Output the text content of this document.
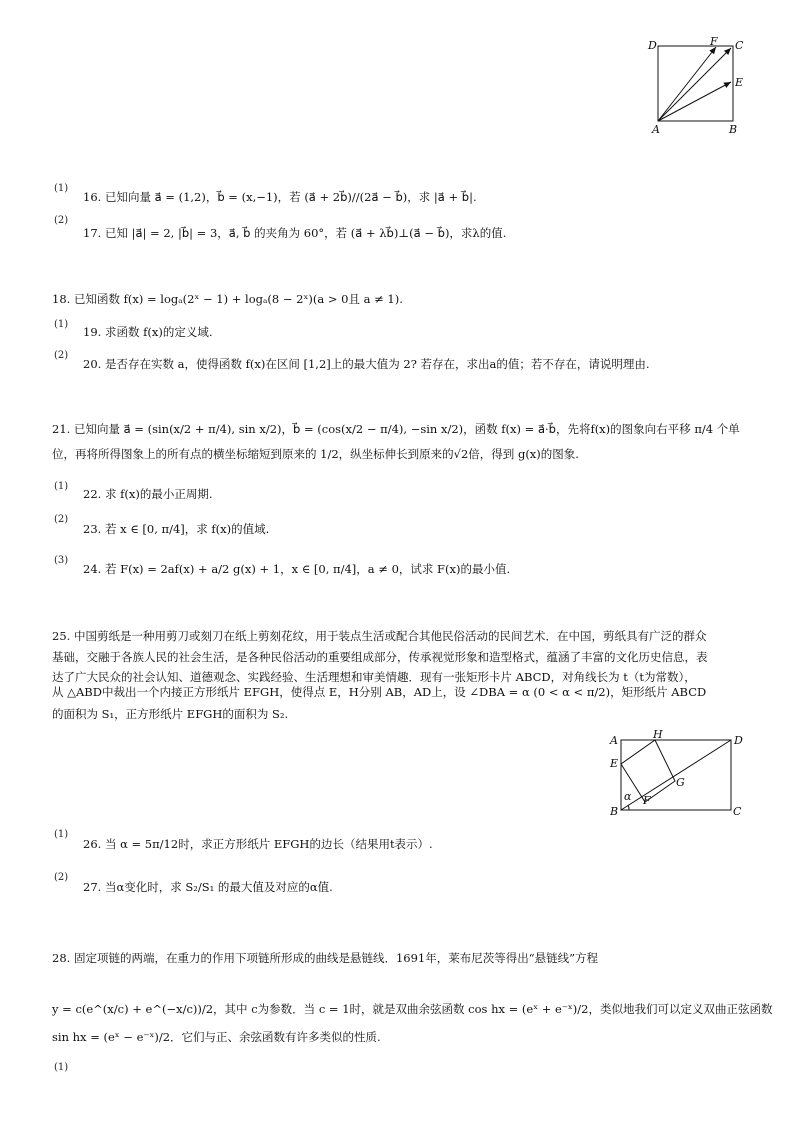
D	F C
E
A	B
A	H	D
E
G
α F
B	C
(1)
16. 已知向量 a⃗ = (1,2)，b⃗ = (x,−1)，若 (a⃗ + 2b⃗)//(2a⃗ − b⃗)，求 |a⃗ + b⃗|.
(2)
17. 已知 |a⃗| = 2, |b⃗| = 3，a⃗, b⃗ 的夹角为 60°，若 (a⃗ + λb⃗)⊥(a⃗ − b⃗)，求λ的值.
18. 已知函数 f(x) = logₐ(2ˣ − 1) + logₐ(8 − 2ˣ)(a > 0且 a ≠ 1).
(1)
19. 求函数 f(x)的定义域.
(2)
20. 是否存在实数 a，使得函数 f(x)在区间 [1,2]上的最大值为 2? 若存在，求出a的值；若不存在，请说明理由.
21. 已知向量 a⃗ = (sin(x/2 + π/4), sin x/2)，b⃗ = (cos(x/2 − π/4), −sin x/2)，函数 f(x) = a⃗·b⃗，先将f(x)的图象向右平移 π/4 个单
位，再将所得图象上的所有点的横坐标缩短到原来的 1/2，纵坐标伸长到原来的√2倍，得到 g(x)的图象.
(1)
22. 求 f(x)的最小正周期.
(2)
23. 若 x ∈ [0, π/4]，求 f(x)的值域.
(3)
24. 若 F(x) = 2af(x) + a/2 g(x) + 1，x ∈ [0, π/4]，a ≠ 0，试求 F(x)的最小值.
25. 中国剪纸是一种用剪刀或刻刀在纸上剪刻花纹，用于装点生活或配合其他民俗活动的民间艺术．在中国，剪纸具有广泛的群众
基础，交融于各族人民的社会生活，是各种民俗活动的重要组成部分，传承视觉形象和造型格式，蕴涵了丰富的文化历史信息，表
达了广大民众的社会认知、道德观念、实践经验、生活理想和审美情趣．现有一张矩形卡片 ABCD，对角线长为 t（t为常数），
从 △ABD中裁出一个内接正方形纸片 EFGH，使得点 E，H分别 AB，AD上，设 ∠DBA = α (0 < α < π/2)，矩形纸片 ABCD
的面积为 S₁，正方形纸片 EFGH的面积为 S₂.
(1)
26. 当 α = 5π/12时，求正方形纸片 EFGH的边长（结果用t表示）.
(2)
27. 当α变化时，求 S₂/S₁ 的最大值及对应的α值.
28. 固定项链的两端，在重力的作用下项链所形成的曲线是悬链线．1691年，莱布尼茨等得出“悬链线”方程
y = c(e^(x/c) + e^(−x/c))/2，其中 c为参数．当 c = 1时，就是双曲余弦函数 cos hx = (eˣ + e⁻ˣ)/2，类似地我们可以定义双曲正弦函数
sin hx = (eˣ − e⁻ˣ)/2．它们与正、余弦函数有许多类似的性质.
(1)
